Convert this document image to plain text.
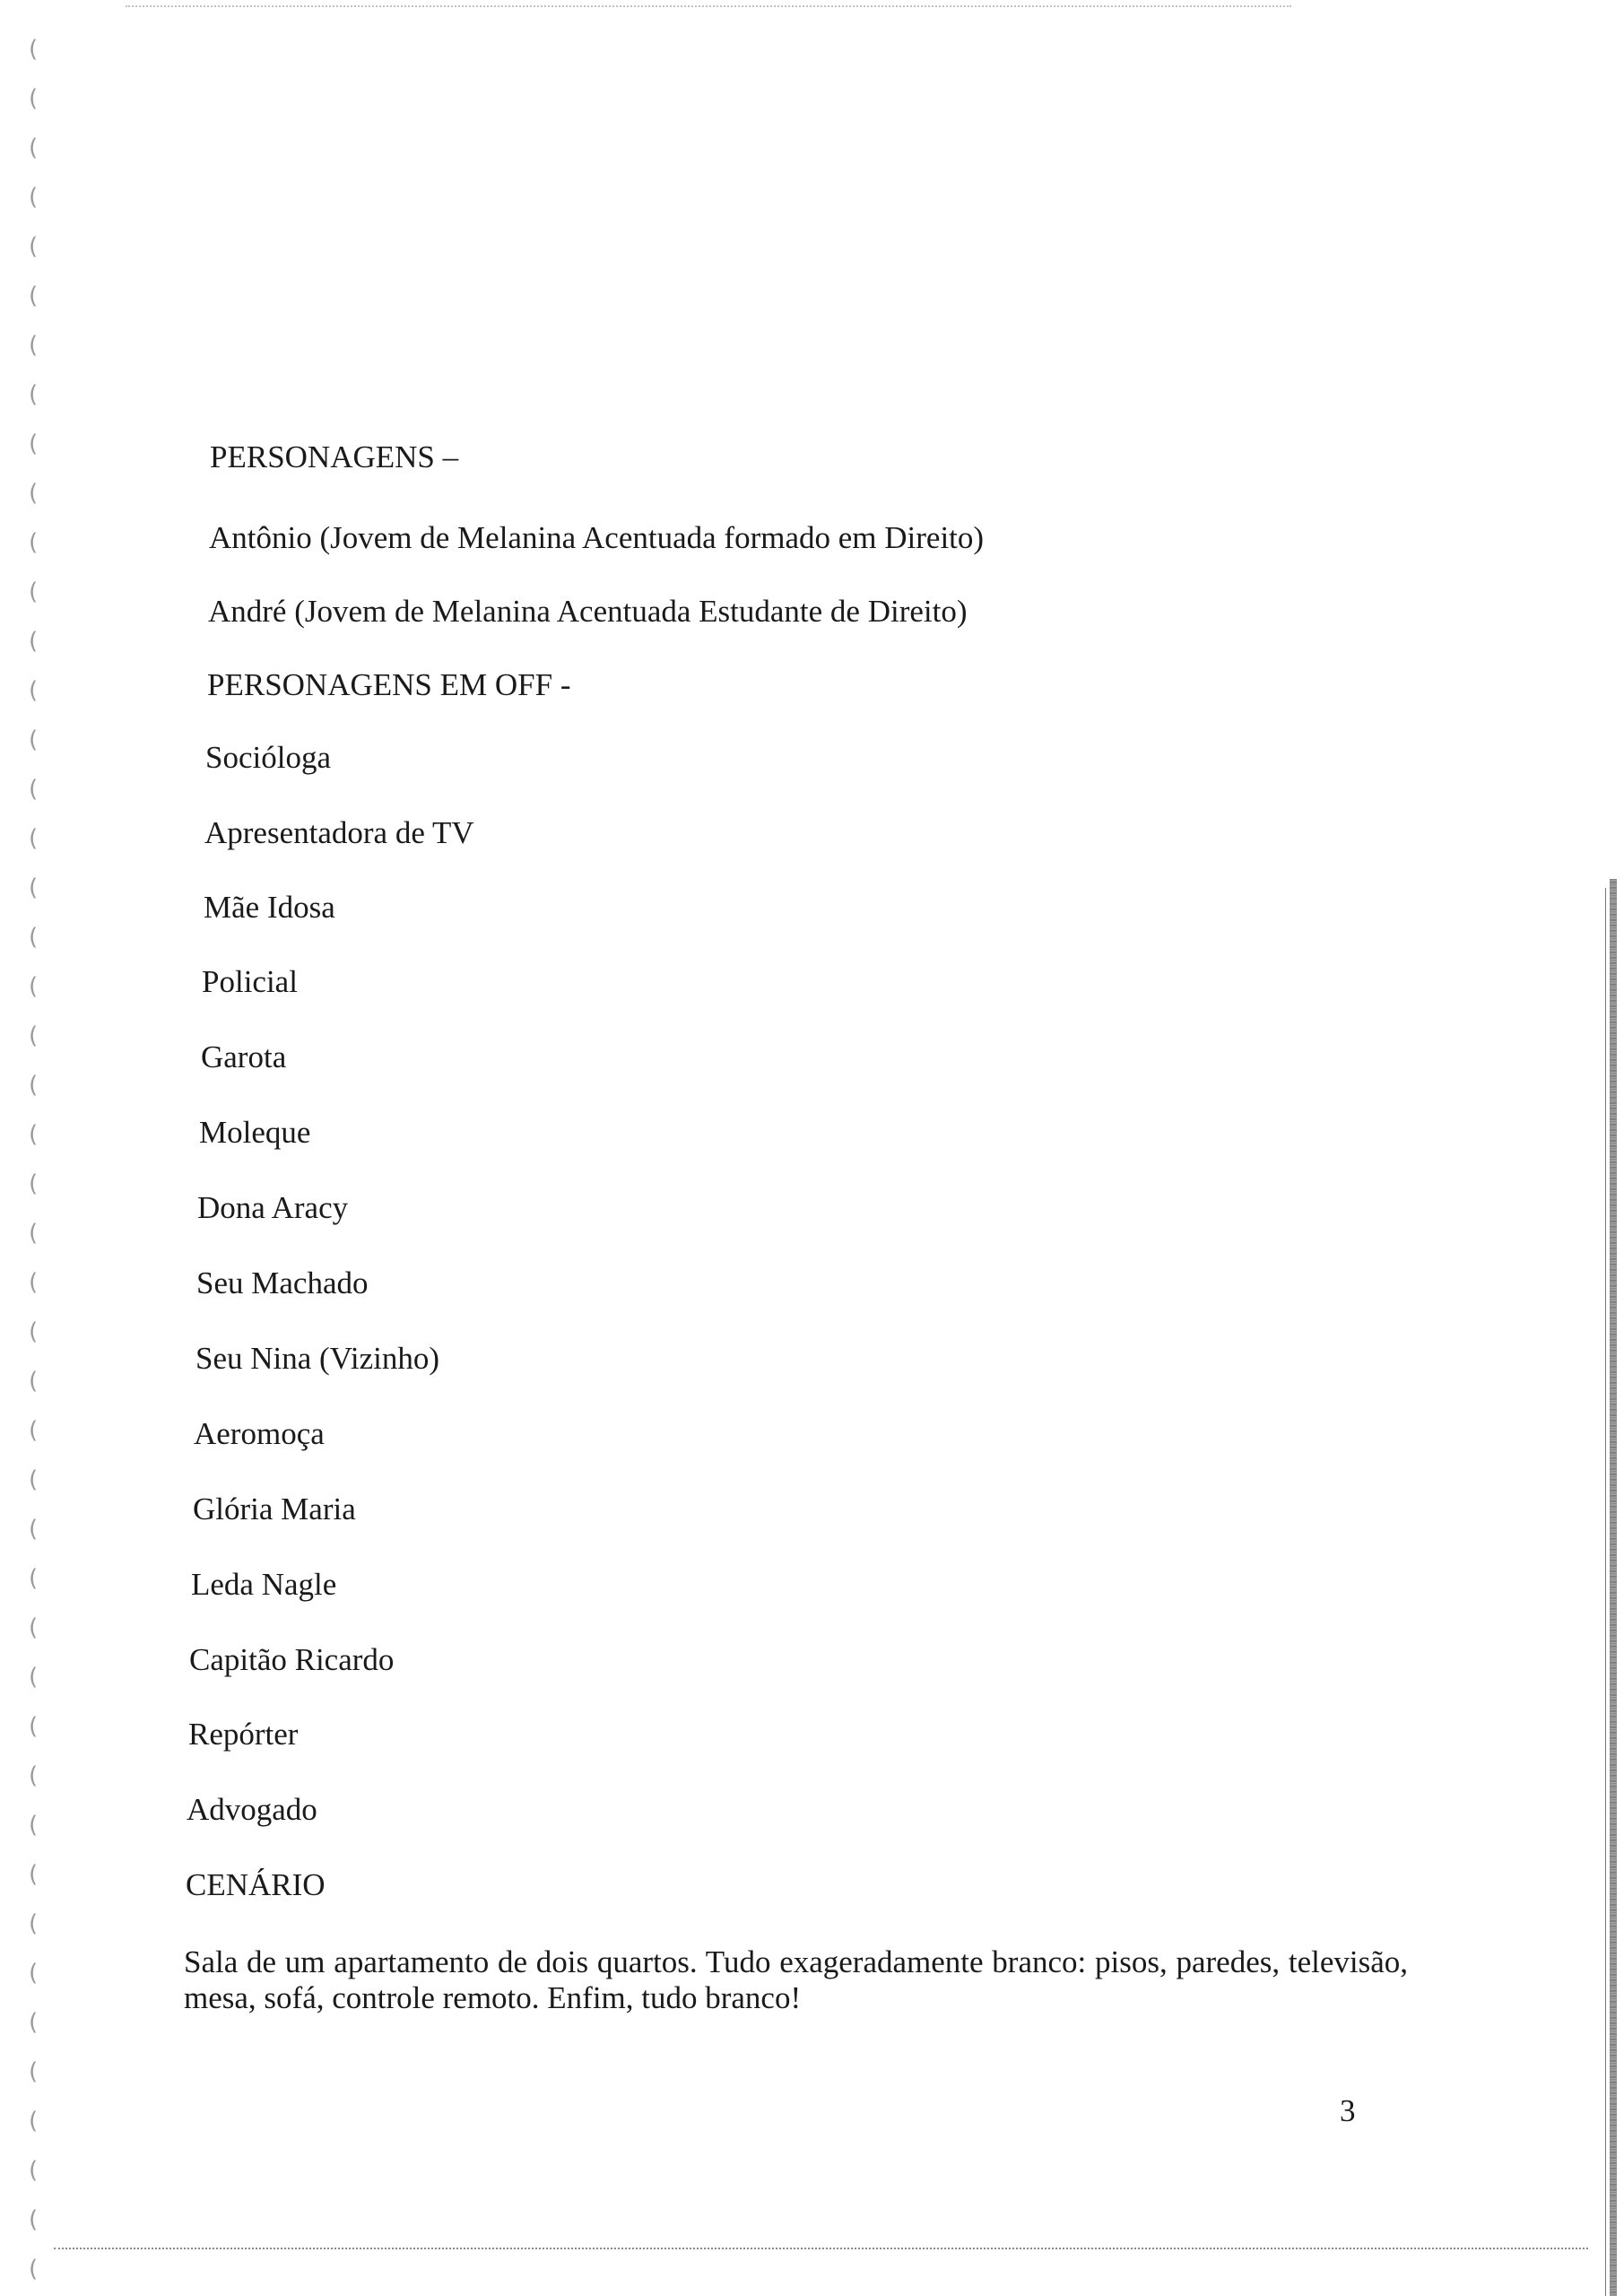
(
(
(
(
(
(
(
(
(
(
(
(
(
(
(
(
(
(
(
(
(
(
(
(
(
(
(
(
(
(
(
(
(
(
(
(
(
(
(
(
(
(
(
(
(
(
PERSONAGENS –
Antônio (Jovem de Melanina Acentuada formado em Direito)
André (Jovem de Melanina Acentuada Estudante de Direito)
PERSONAGENS EM OFF -
Socióloga
Apresentadora de TV
Mãe Idosa
Policial
Garota
Moleque
Dona Aracy
Seu Machado
Seu Nina (Vizinho)
Aeromoça
Glória Maria
Leda Nagle
Capitão Ricardo
Repórter
Advogado
CENÁRIO
Sala de um apartamento de dois quartos. Tudo exageradamente branco: pisos, paredes, televisão, mesa, sofá, controle remoto. Enfim, tudo branco!
3
